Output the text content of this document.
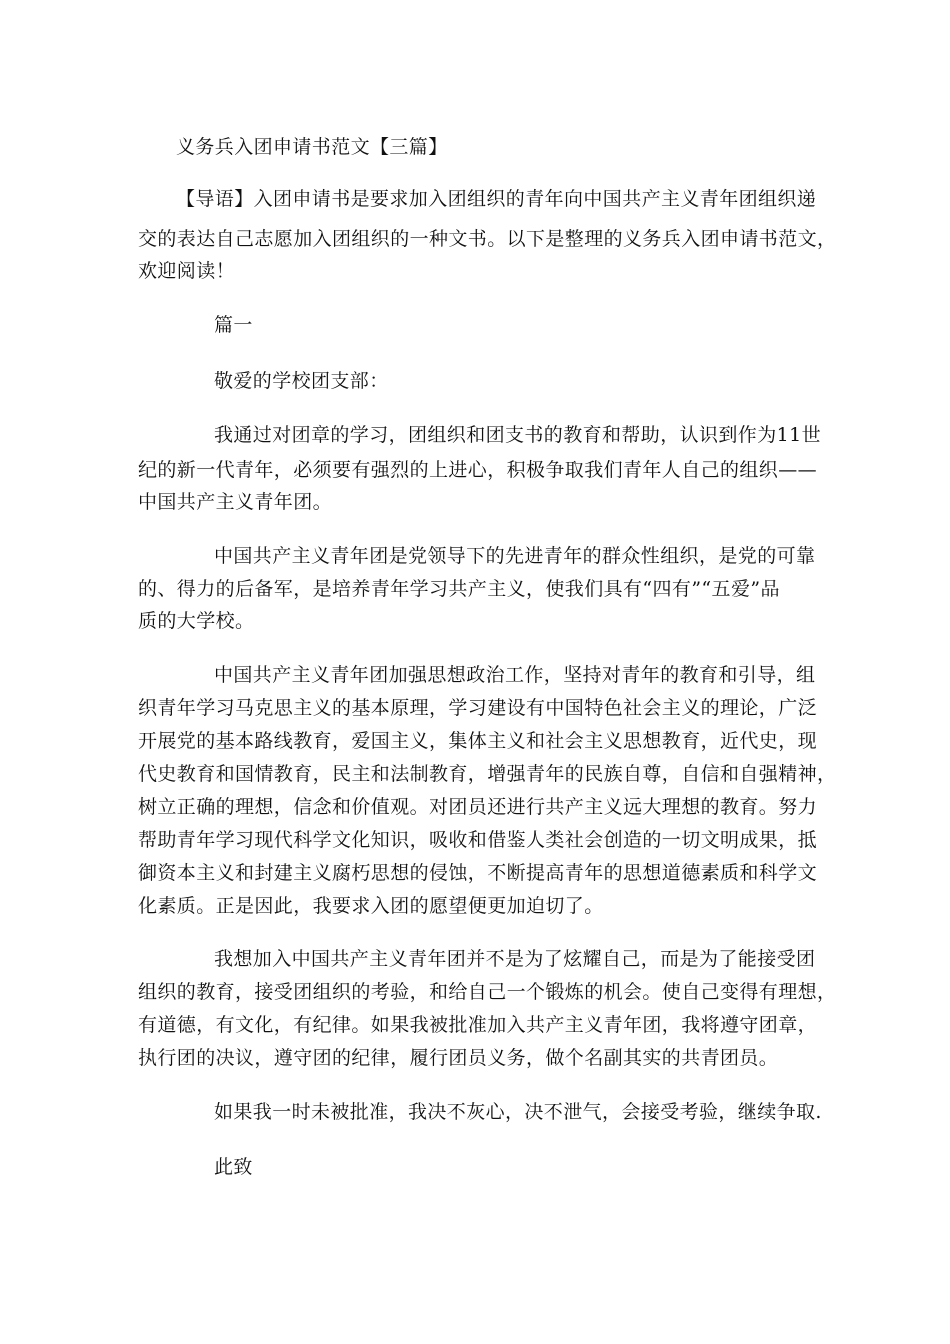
义务兵入团申请书范文【三篇】
【导语】入团申请书是要求加入团组织的青年向中国共产主义青年团组织递
交的表达自己志愿加入团组织的一种文书。以下是整理的义务兵入团申请书范文，
欢迎阅读！
篇一
敬爱的学校团支部：
我通过对团章的学习，团组织和团支书的教育和帮助，认识到作为11世
纪的新一代青年，必须要有强烈的上进心，积极争取我们青年人自己的组织——
中国共产主义青年团。
中国共产主义青年团是党领导下的先进青年的群众性组织，是党的可靠
的、得力的后备军，是培养青年学习共产主义，使我们具有“四有”“五爱”品
质的大学校。
中国共产主义青年团加强思想政治工作，坚持对青年的教育和引导，组
织青年学习马克思主义的基本原理，学习建设有中国特色社会主义的理论，广泛
开展党的基本路线教育，爱国主义，集体主义和社会主义思想教育，近代史，现
代史教育和国情教育，民主和法制教育，增强青年的民族自尊，自信和自强精神，
树立正确的理想，信念和价值观。对团员还进行共产主义远大理想的教育。努力
帮助青年学习现代科学文化知识，吸收和借鉴人类社会创造的一切文明成果，抵
御资本主义和封建主义腐朽思想的侵蚀，不断提高青年的思想道德素质和科学文
化素质。正是因此，我要求入团的愿望便更加迫切了。
我想加入中国共产主义青年团并不是为了炫耀自己，而是为了能接受团
组织的教育，接受团组织的考验，和给自己一个锻炼的机会。使自己变得有理想，
有道德，有文化，有纪律。如果我被批准加入共产主义青年团，我将遵守团章，
执行团的决议，遵守团的纪律，履行团员义务，做个名副其实的共青团员。
如果我一时未被批准，我决不灰心，决不泄气，会接受考验，继续争取.
此致
